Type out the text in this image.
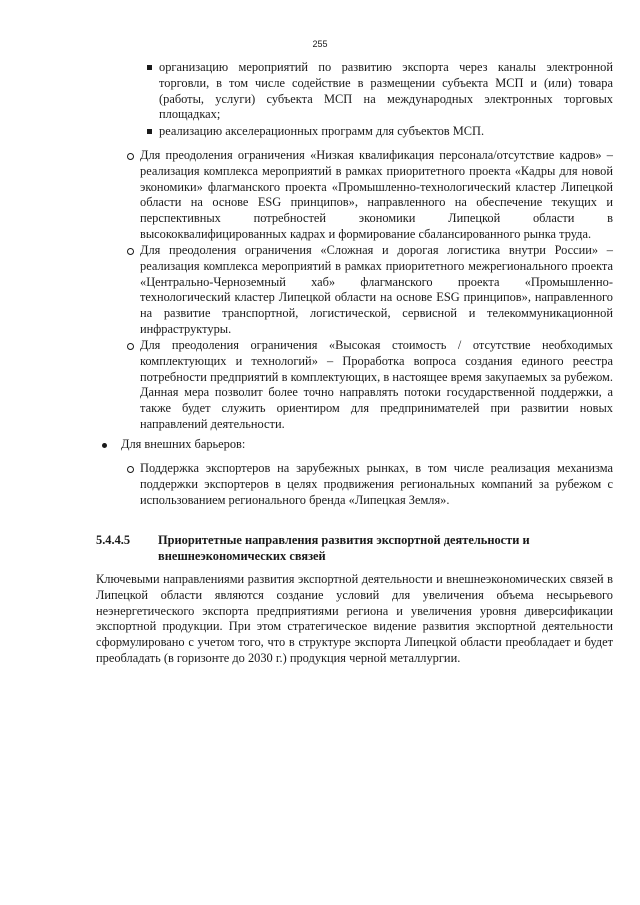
255

организацию мероприятий по развитию экспорта через каналы электронной торговли, в том числе содействие в размещении субъекта МСП и (или) товара (работы, услуги) субъекта МСП на международных электронных торговых площадках;

реализацию акселерационных программ для субъектов МСП.

Для преодоления ограничения «Низкая квалификация персонала/отсутствие кадров» – реализация комплекса мероприятий в рамках приоритетного проекта «Кадры для новой экономики» флагманского проекта «Промышленно-технологический кластер Липецкой области на основе ESG принципов», направленного на обеспечение текущих и перспективных потребностей экономики Липецкой области в высококвалифицированных кадрах и формирование сбалансированного рынка труда.

Для преодоления ограничения «Сложная и дорогая логистика внутри России» – реализация комплекса мероприятий в рамках приоритетного межрегионального проекта «Центрально-Черноземный хаб» флагманского проекта «Промышленно-технологический кластер Липецкой области на основе ESG принципов», направленного на развитие транспортной, логистической, сервисной и телекоммуникационной инфраструктуры.

Для преодоления ограничения «Высокая стоимость / отсутствие необходимых комплектующих и технологий» – Проработка вопроса создания единого реестра потребности предприятий в комплектующих, в настоящее время закупаемых за рубежом. Данная мера позволит более точно направлять потоки государственной поддержки, а также будет служить ориентиром для предпринимателей при развитии новых направлений деятельности.

Для внешних барьеров:

Поддержка экспортеров на зарубежных рынках, в том числе реализация механизма поддержки экспортеров в целях продвижения региональных компаний за рубежом с использованием регионального бренда «Липецкая Земля».

5.4.4.5 Приоритетные направления развития экспортной деятельности и внешнеэкономических связей

Ключевыми направлениями развития экспортной деятельности и внешнеэкономических связей в Липецкой области являются создание условий для увеличения объема несырьевого неэнергетического экспорта предприятиями региона и увеличения уровня диверсификации экспортной продукции. При этом стратегическое видение развития экспортной деятельности сформулировано с учетом того, что в структуре экспорта Липецкой области преобладает и будет преобладать (в горизонте до 2030 г.) продукция черной металлургии.
